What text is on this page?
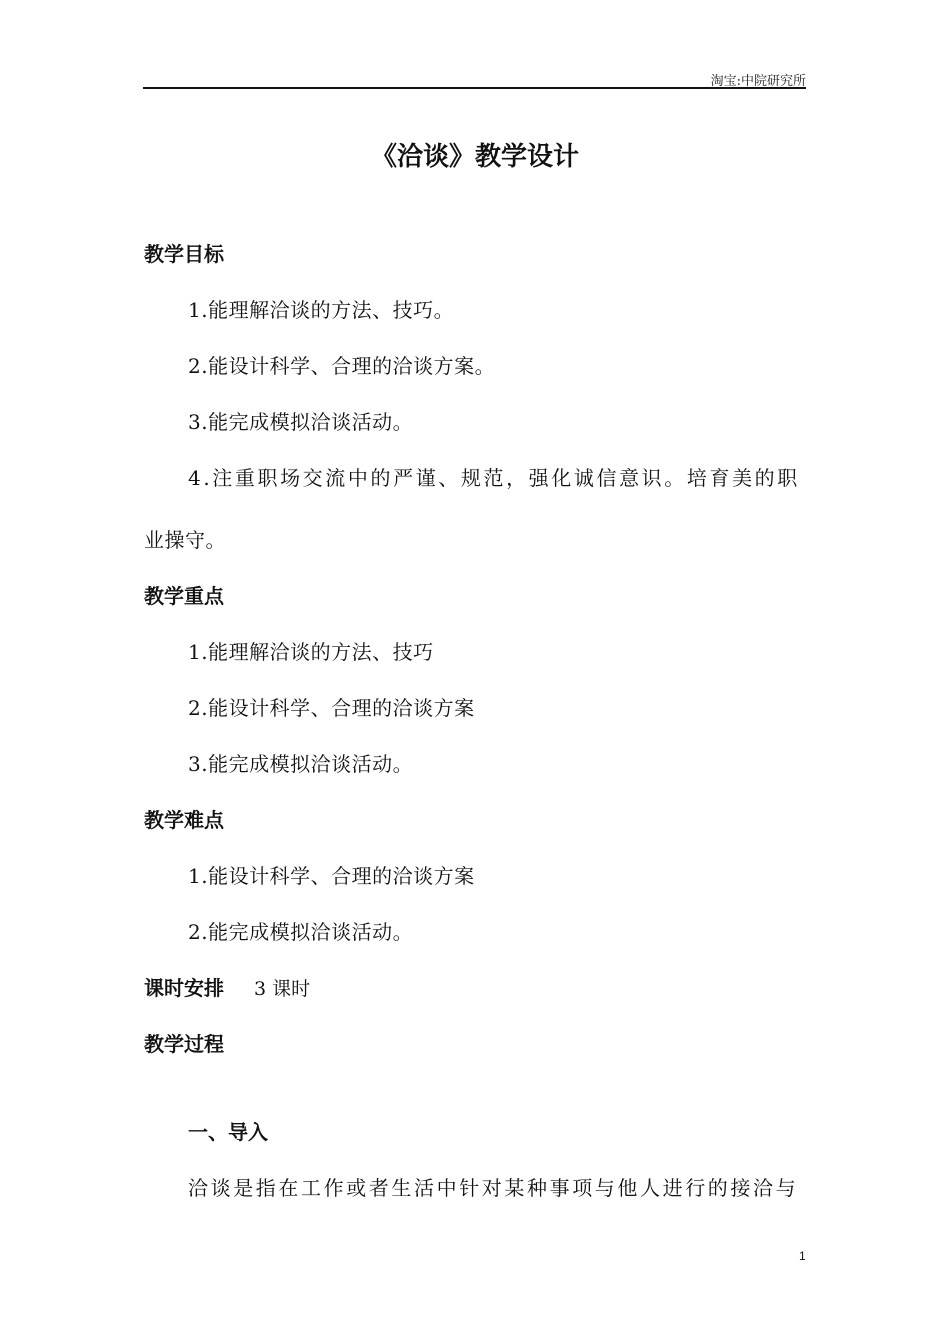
淘宝:中院研究所
《洽谈》教学设计
教学目标
1.能理解洽谈的方法、技巧。
2.能设计科学、合理的洽谈方案。
3.能完成模拟洽谈活动。
4.注重职场交流中的严谨、规范，强化诚信意识。培育美的职
业操守。
教学重点
1.能理解洽谈的方法、技巧
2.能设计科学、合理的洽谈方案
3.能完成模拟洽谈活动。
教学难点
1.能设计科学、合理的洽谈方案
2.能完成模拟洽谈活动。
课时安排 3 课时
教学过程
一、导入
洽谈是指在工作或者生活中针对某种事项与他人进行的接洽与
1
